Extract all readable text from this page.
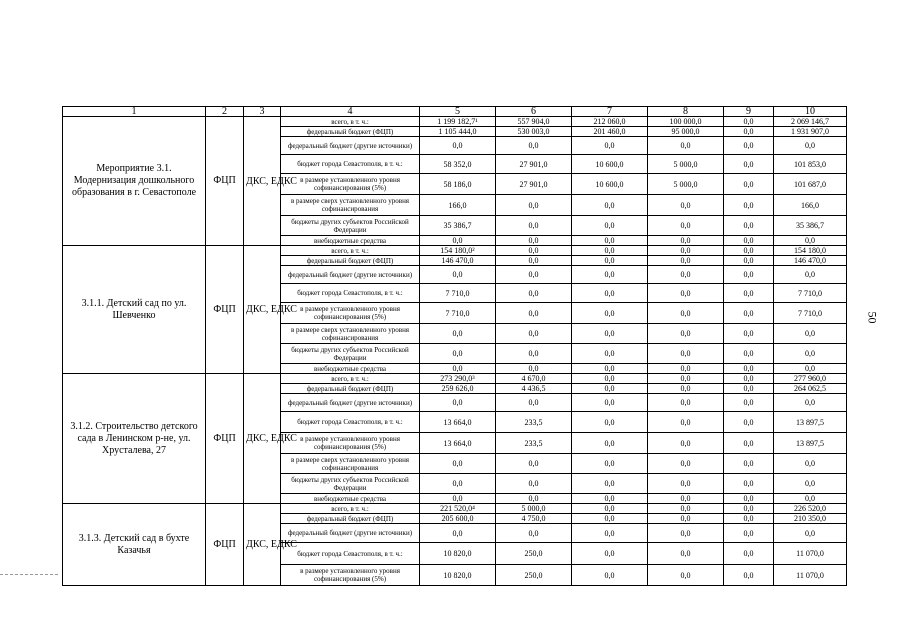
1	2	3	4	5	6	7	8	9	10
Мероприятие 3.1. Модернизация дошкольного образования в г. Севастополе	ФЦП	ДКС, ЕДКС	всего, в т. ч.:	1 199 182,7¹	557 904,0	212 060,0	100 000,0	0,0	2 069 146,7
			федеральный бюджет (ФЦП)	1 105 444,0	530 003,0	201 460,0	95 000,0	0,0	1 931 907,0
			федеральный бюджет (другие источники)	0,0	0,0	0,0	0,0	0,0	0,0
			бюджет города Севастополя, в т. ч.:	58 352,0	27 901,0	10 600,0	5 000,0	0,0	101 853,0
			в размере установленного уровня софинансирования (5%)	58 186,0	27 901,0	10 600,0	5 000,0	0,0	101 687,0
			в размере сверх установленного уровня софинансирования	166,0	0,0	0,0	0,0	0,0	166,0
			бюджеты других субъектов Российской Федерации	35 386,7	0,0	0,0	0,0	0,0	35 386,7
			внебюджетные средства	0,0	0,0	0,0	0,0	0,0	0,0
3.1.1. Детский сад по ул. Шевченко	ФЦП	ДКС, ЕДКС	всего, в т. ч.:	154 180,0²	0,0	0,0	0,0	0,0	154 180,0
			федеральный бюджет (ФЦП)	146 470,0	0,0	0,0	0,0	0,0	146 470,0
			федеральный бюджет (другие источники)	0,0	0,0	0,0	0,0	0,0	0,0
			бюджет города Севастополя, в т. ч.:	7 710,0	0,0	0,0	0,0	0,0	7 710,0
			в размере установленного уровня софинансирования (5%)	7 710,0	0,0	0,0	0,0	0,0	7 710,0
			в размере сверх установленного уровня софинансирования	0,0	0,0	0,0	0,0	0,0	0,0
			бюджеты других субъектов Российской Федерации	0,0	0,0	0,0	0,0	0,0	0,0
			внебюджетные средства	0,0	0,0	0,0	0,0	0,0	0,0
3.1.2. Строительство детского сада в Ленинском р-не, ул. Хрусталева, 27	ФЦП	ДКС, ЕДКС	всего, в т. ч.:	273 290,0³	4 670,0	0,0	0,0	0,0	277 960,0
			федеральный бюджет (ФЦП)	259 626,0	4 436,5	0,0	0,0	0,0	264 062,5
			федеральный бюджет (другие источники)	0,0	0,0	0,0	0,0	0,0	0,0
			бюджет города Севастополя, в т. ч.:	13 664,0	233,5	0,0	0,0	0,0	13 897,5
			в размере установленного уровня софинансирования (5%)	13 664,0	233,5	0,0	0,0	0,0	13 897,5
			в размере сверх установленного уровня софинансирования	0,0	0,0	0,0	0,0	0,0	0,0
			бюджеты других субъектов Российской Федерации	0,0	0,0	0,0	0,0	0,0	0,0
			внебюджетные средства	0,0	0,0	0,0	0,0	0,0	0,0
3.1.3. Детский сад в бухте Казачья	ФЦП	ДКС, ЕДКС	всего, в т. ч.:	221 520,0⁴	5 000,0	0,0	0,0	0,0	226 520,0
			федеральный бюджет (ФЦП)	205 600,0	4 750,0	0,0	0,0	0,0	210 350,0
			федеральный бюджет (другие источники)	0,0	0,0	0,0	0,0	0,0	0,0
			бюджет города Севастополя, в т. ч.:	10 820,0	250,0	0,0	0,0	0,0	11 070,0
			в размере установленного уровня софинансирования (5%)	10 820,0	250,0	0,0	0,0	0,0	11 070,0
50
